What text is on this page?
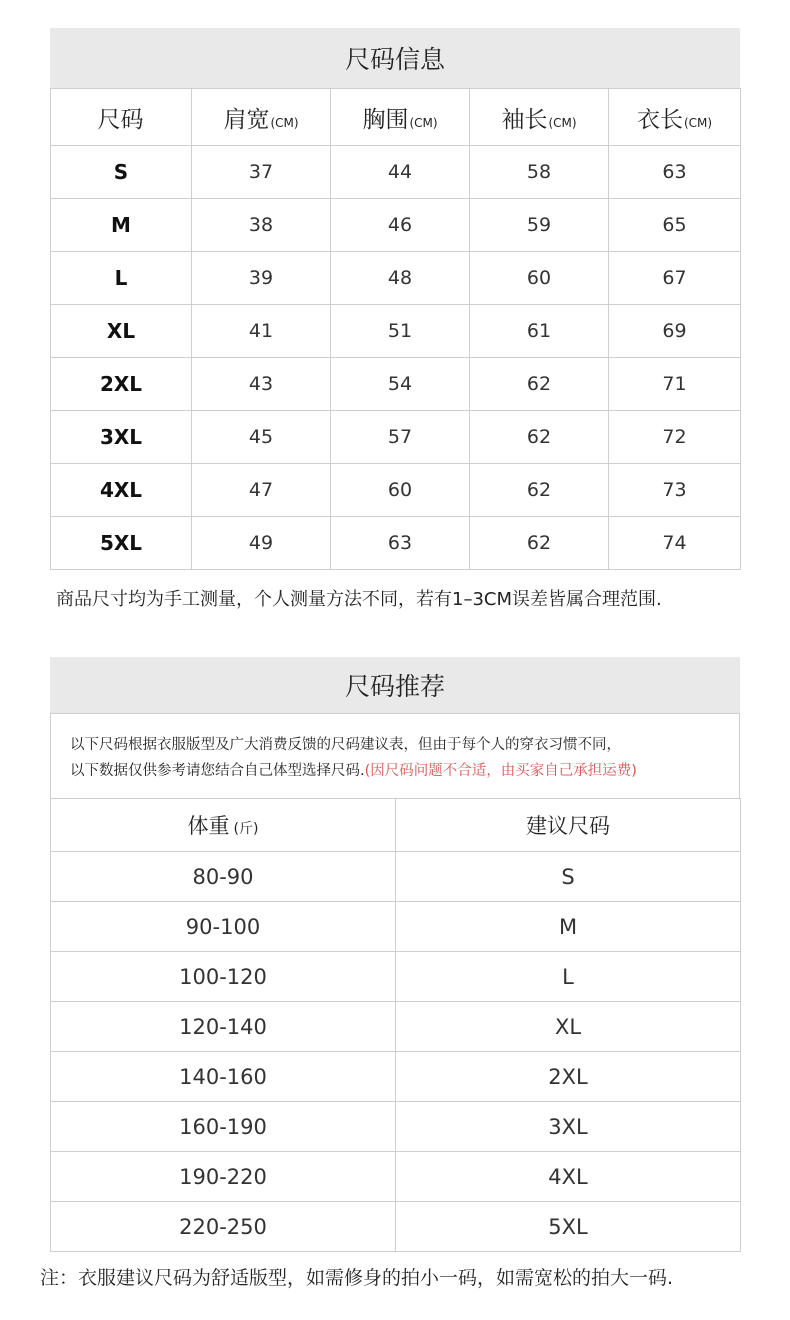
尺码信息
尺码	肩宽(CM)	胸围(CM)	袖长(CM)	衣长(CM)
S	37	44	58	63
M	38	46	59	65
L	39	48	60	67
XL	41	51	61	69
2XL	43	54	62	71
3XL	45	57	62	72
4XL	47	60	62	73
5XL	49	63	62	74
商品尺寸均为手工测量，个人测量方法不同，若有1–3CM误差皆属合理范围.
尺码推荐
以下尺码根据衣服版型及广大消费反馈的尺码建议表，但由于每个人的穿衣习惯不同，
以下数据仅供参考请您结合自己体型选择尺码.(因尺码问题不合适，由买家自己承担运费)
体重 (斤)	建议尺码
80-90	S
90-100	M
100-120	L
120-140	XL
140-160	2XL
160-190	3XL
190-220	4XL
220-250	5XL
注：衣服建议尺码为舒适版型，如需修身的拍小一码，如需宽松的拍大一码.
